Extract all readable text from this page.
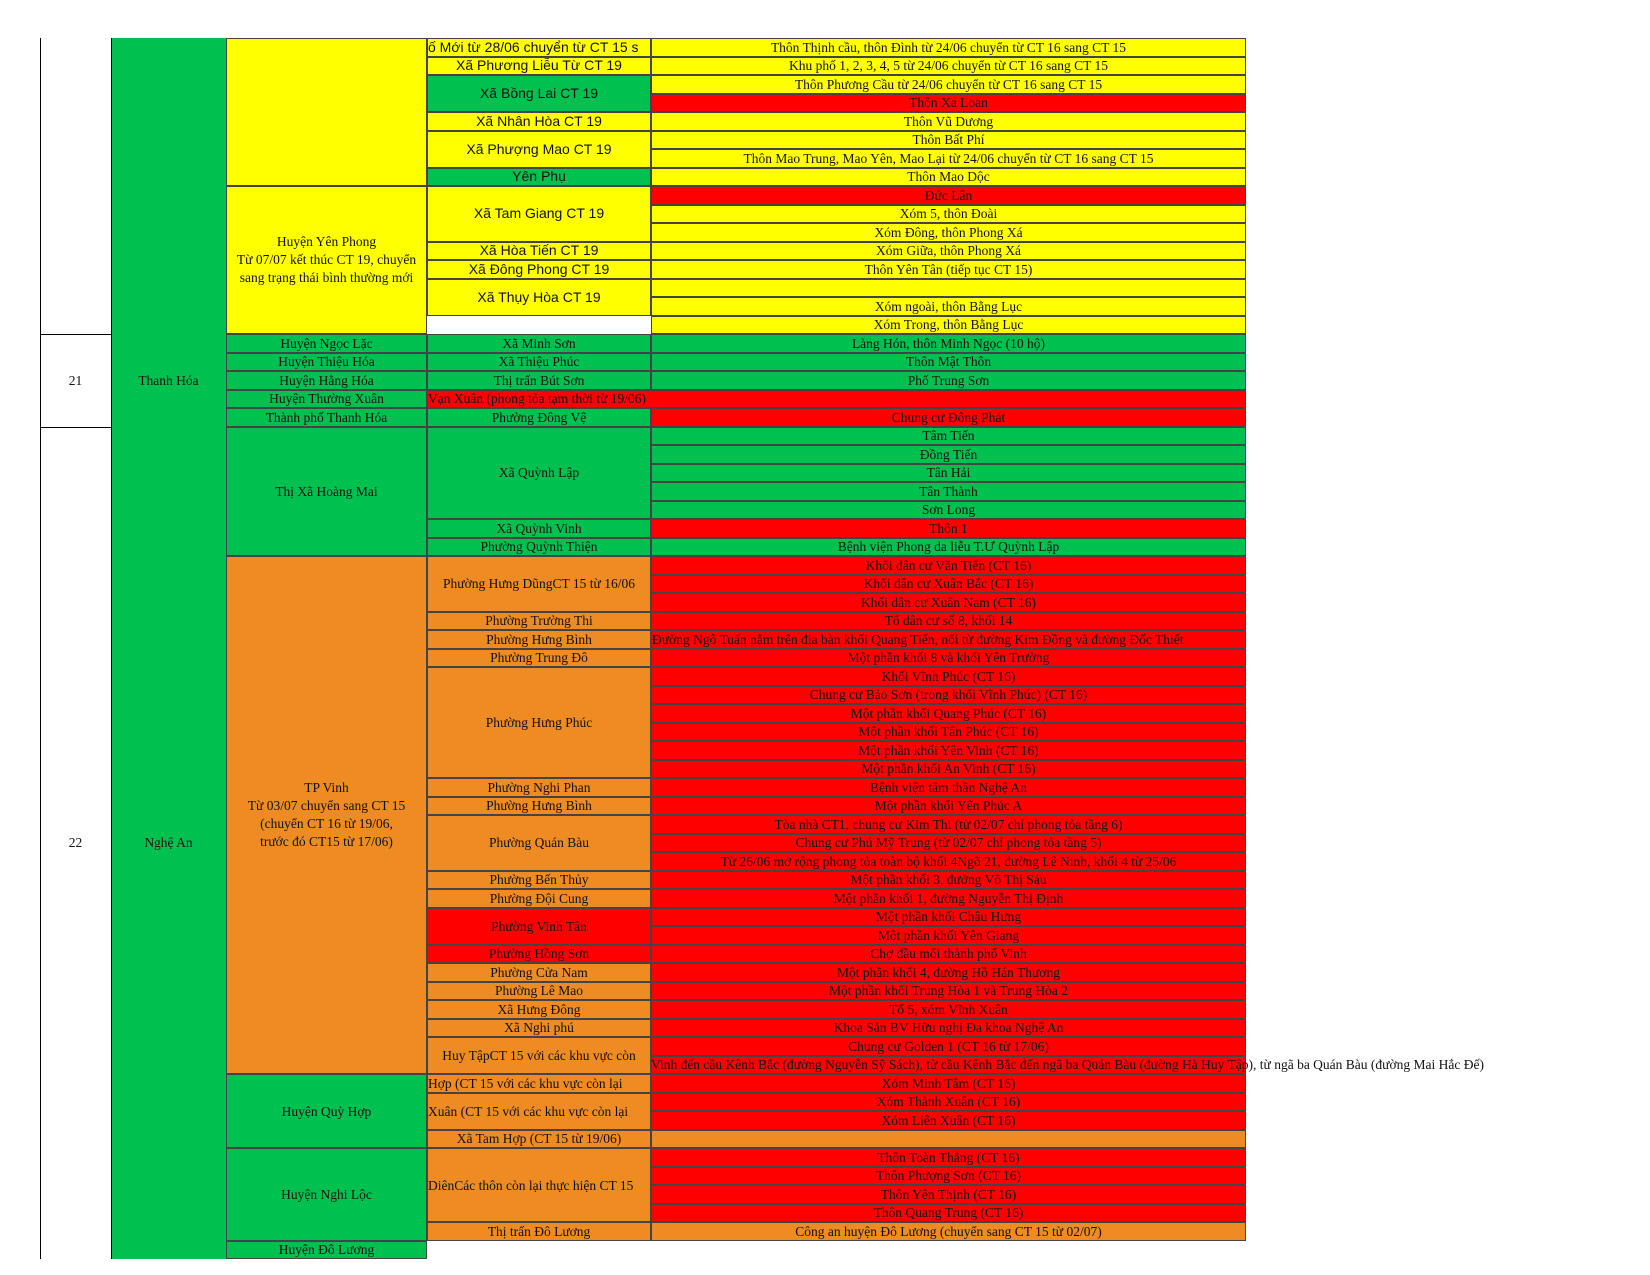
Huyện Yên Phong
Từ 07/07 kết thúc CT 19, chuyển
sang trạng thái bình thường mới
Huyện Ngọc Lặc
Huyện Thiệu Hóa
Huyện Hằng Hóa
Huyện Thường Xuân
Thành phố Thanh Hóa
Thị Xã Hoàng Mai
TP Vinh
Từ 03/07 chuyển sang CT 15
(chuyển CT 16 từ 19/06,
trước đó CT15 từ 17/06)
Huyện Quỳ Hợp
Huyện Nghi Lộc
Huyện Đô Lương
ố Mới từ 28/06 chuyển từ CT 15 s
Xã Phương Liễu Từ CT 19
Xã Bồng Lai CT 19
Xã Nhân Hòa CT 19
Xã Phượng Mao CT 19
Yên Phụ
Xã Tam Giang CT 19
Xã Hòa Tiến CT 19
Xã Đông Phong CT 19
Xã Thụy Hòa CT 19
Xã Minh Sơn
Xã Thiệu Phúc
Thị trấn Bút Sơn
Phường Đông Vệ
Xã Quỳnh Lập
Xã Quỳnh Vinh
Phường Quỳnh Thiện
Phường Hưng DũngCT 15 từ 16/06
Phường Trường Thi
Phường Hưng Bình
Phường Trung Đô
Phường Hưng Phúc
Phường Nghi Phan
Phường Hưng Bình
Phường Quán Bàu
Phường Bến Thủy
Phường Đội Cung
Phường Vinh Tân
Phường Hồng Sơn
Phường Cửa Nam
Phường Lê Mao
Xã Hưng Đông
Xã Nghi phú
Huy TậpCT 15 với các khu vực còn
Hợp (CT 15 với các khu vực còn lại
Xuân (CT 15 với các khu vực còn lại
Xã Tam Hợp (CT 15 từ 19/06)
DiênCác thôn còn lại thực hiện CT 15
Thị trấn Đô Lương
Vạn Xuân (phong tỏa tạm thời từ 19/06)
Thôn Thịnh cầu, thôn Đình từ 24/06 chuyển từ CT 16 sang CT 15
Khu phố 1, 2, 3, 4, 5 từ 24/06 chuyển từ CT 16 sang CT 15
Thôn Phương Cầu từ 24/06 chuyển từ CT 16 sang CT 15
Thôn Xa Loan
Thôn Vũ Dương
Thôn Bất Phí
Thôn Mao Trung, Mao Yên, Mao Lại từ 24/06 chuyển từ CT 16 sang CT 15
Thôn Mao Dộc
Đức Lân
Xóm 5, thôn Đoài
Xóm Đông, thôn Phong Xá
Xóm Giữa, thôn Phong Xá
Thôn Yên Tân (tiếp tục CT 15)
Xóm ngoài, thôn Bằng Lục
Xóm Trong, thôn Bằng Lục
Làng Hón, thôn Minh Ngọc (10 hộ)
Thôn Mật Thôn
Phố Trung Sơn
Chung cư Đông Phát
Tâm Tiến
Đồng Tiến
Tân Hải
Tân Thành
Sơn Long
Thôn 1
Bệnh viện Phong da liễu T.Ư Quỳnh Lập
Khối dân cư Văn Tiến (CT 16)
Khối dân cư Xuân Bắc (CT 16)
Khối dân cư Xuân Nam (CT 16)
Tổ dân cư số 8, khối 14
Đường Ngô Tuấn nằm trên địa bàn khối Quang Tiến, nối từ đường Kim Đồng và đường Đốc Thiết
Một phần khối 8 và khối Yên Trường
Khối Vĩnh Phúc (CT 16)
Chung cư Bảo Sơn (trong khối Vĩnh Phúc) (CT 16)
Một phần khối Quang Phúc (CT 16)
Một phần khối Tân Phúc (CT 16)
Một phần khối Yên Vinh (CT 16)
Một phần khối An Vinh (CT 16)
Bệnh viện tâm thần Nghệ An
Một phần khối Yên Phúc A
Tòa nhà CT1, chung cư Kim Thi (từ 02/07 chỉ phong tỏa tầng 6)
Chung cư Phú Mỹ Trung (từ 02/07 chỉ phong tỏa tầng 5)
Từ 26/06 mở rộng phong tỏa toàn bộ khối 4Ngõ 21, đường Lê Ninh, khối 4 từ 25/06
Một phần khối 3, đường Võ Thị Sáu
Một phần khối 1, đường Nguyễn Thị Định
Một phần khối Châu Hưng
Một phần khối Yên Giang
Chợ đầu mối thành phố Vinh
Một phần khối 4, đường Hồ Hán Thương
Một phần khối Trung Hòa 1 và Trung Hòa 2
Tổ 5, xóm Vĩnh Xuân
Khoa Sản BV Hữu nghị Đa khoa Nghệ An
Chung cư Golden 1 (CT 16 từ 17/06)
Vinh đến cầu Kênh Bắc (đường Nguyễn Sỹ Sách), từ cầu Kênh Bắc đến ngã ba Quán Bàu (đường Hà Huy Tập), từ ngã ba Quán Bàu (đường Mai Hắc Đế)
Xóm Minh Tâm (CT 16)
Xóm Thành Xuân (CT 16)
Xóm Liên Xuân (CT 16)
Thôn Toàn Thắng (CT 16)
Thôn Phượng Sơn (CT 16)
Thôn Yên Thịnh (CT 16)
Thôn Quang Trung (CT 16)
Công an huyện Đô Lương (chuyển sang CT 15 từ 02/07)
21	Thanh Hóa
22	Nghệ An
